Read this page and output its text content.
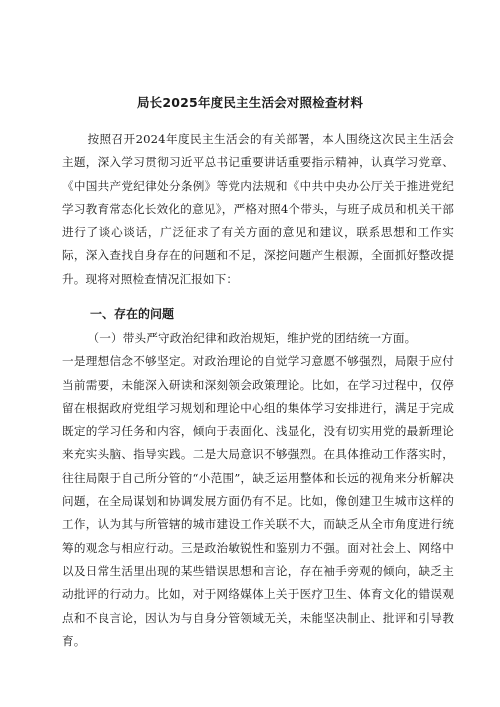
局长2025年度民主生活会对照检查材料

按照召开2024年度民主生活会的有关部署，本人围绕这次民主生活会主题，深入学习贯彻习近平总书记重要讲话重要指示精神，认真学习党章、《中国共产党纪律处分条例》等党内法规和《中共中央办公厅关于推进党纪学习教育常态化长效化的意见》，严格对照4个带头，与班子成员和机关干部进行了谈心谈话，广泛征求了有关方面的意见和建议，联系思想和工作实际，深入查找自身存在的问题和不足，深挖问题产生根源，全面抓好整改提升。现将对照检查情况汇报如下：

一、存在的问题

（一）带头严守政治纪律和政治规矩，维护党的团结统一方面。

一是理想信念不够坚定。对政治理论的自觉学习意愿不够强烈，局限于应付当前需要，未能深入研读和深刻领会政策理论。比如，在学习过程中，仅停留在根据政府党组学习规划和理论中心组的集体学习安排进行，满足于完成既定的学习任务和内容，倾向于表面化、浅显化，没有切实用党的最新理论来充实头脑、指导实践。二是大局意识不够强烈。在具体推动工作落实时，往往局限于自己所分管的“小范围”，缺乏运用整体和长远的视角来分析解决问题，在全局谋划和协调发展方面仍有不足。比如，像创建卫生城市这样的工作，认为其与所管辖的城市建设工作关联不大，而缺乏从全市角度进行统筹的观念与相应行动。三是政治敏锐性和鉴别力不强。面对社会上、网络中以及日常生活里出现的某些错误思想和言论，存在袖手旁观的倾向，缺乏主动批评的行动力。比如，对于网络媒体上关于医疗卫生、体育文化的错误观点和不良言论，因认为与自身分管领域无关，未能坚决制止、批评和引导教育。
